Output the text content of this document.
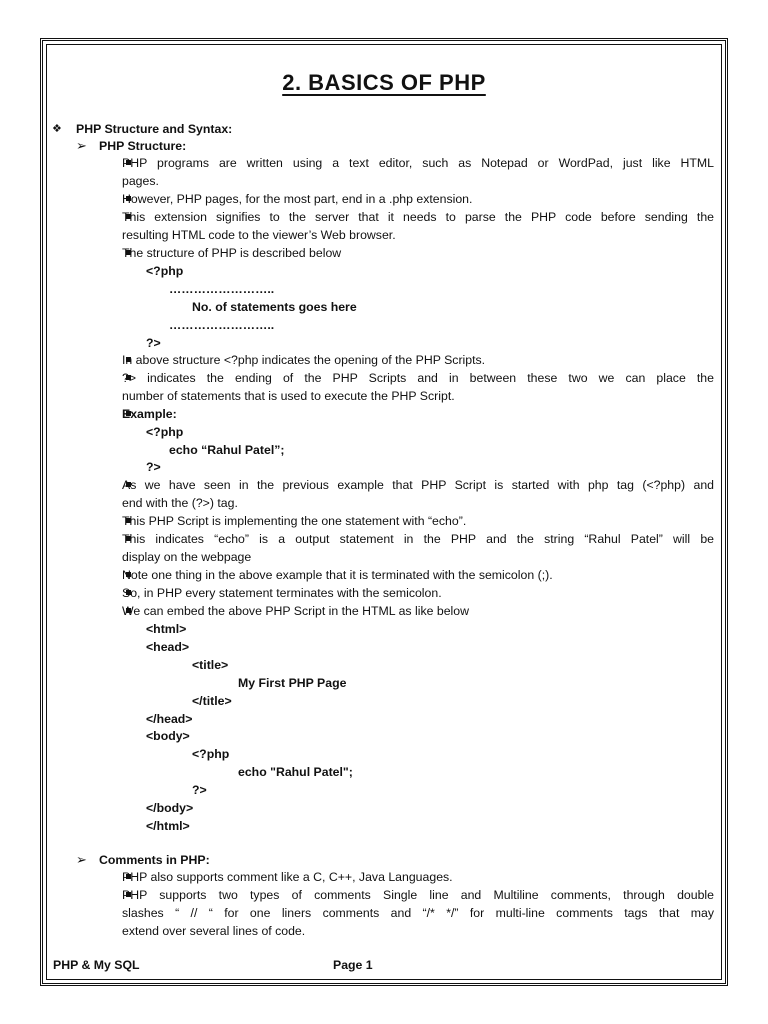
2. BASICS OF PHP
❖ PHP Structure and Syntax:
➢ PHP Structure:
PHP programs are written using a text editor, such as Notepad or WordPad, just like HTML
pages.
However, PHP pages, for the most part, end in a .php extension.
This extension signifies to the server that it needs to parse the PHP code before sending the
resulting HTML code to the viewer’s Web browser.
The structure of PHP is described below
<?php
……………………..
No. of statements goes here
……………………..
?>
In above structure <?php indicates the opening of the PHP Scripts.
?> indicates the ending of the PHP Scripts and in between these two we can place the
number of statements that is used to execute the PHP Script.
Example:
<?php
echo “Rahul Patel”;
?>
As we have seen in the previous example that PHP Script is started with php tag (<?php) and
end with the (?>) tag.
This PHP Script is implementing the one statement with “echo”.
This indicates “echo” is a output statement in the PHP and the string “Rahul Patel” will be
display on the webpage
Note one thing in the above example that it is terminated with the semicolon (;).
So, in PHP every statement terminates with the semicolon.
We can embed the above PHP Script in the HTML as like below
<html>
<head>
<title>
My First PHP Page
</title>
</head>
<body>
<?php
echo "Rahul Patel";
?>
</body>
</html>
➢ Comments in PHP:
PHP also supports comment like a C, C++, Java Languages.
PHP supports two types of comments Single line and Multiline comments, through double
slashes “ // “ for one liners comments and “/* */” for multi-line comments tags that may
extend over several lines of code.
PHP & My SQL	Page 1
